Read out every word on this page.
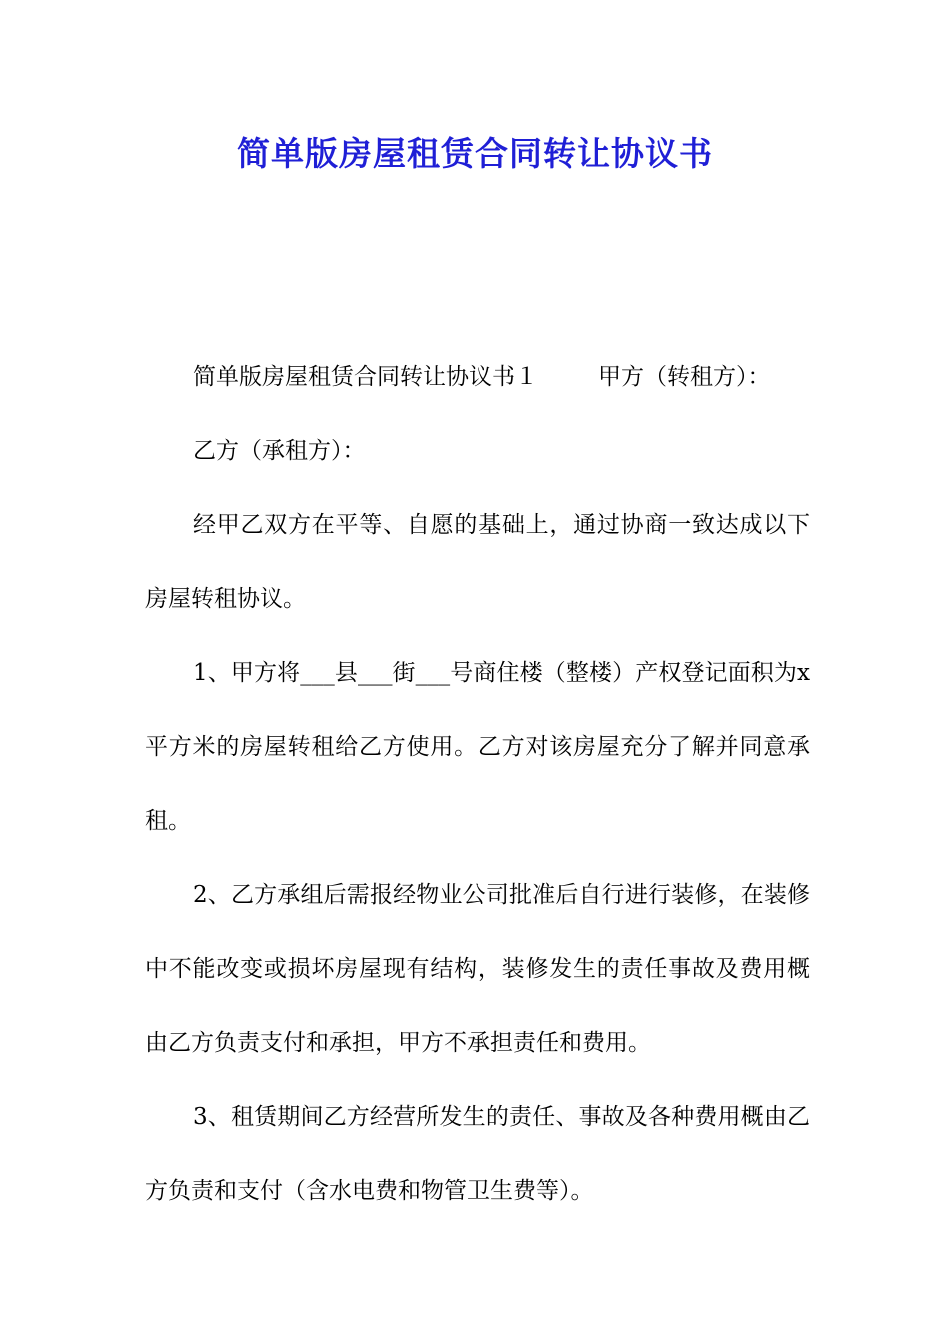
简单版房屋租赁合同转让协议书

简单版房屋租赁合同转让协议书１	甲方（转租方）：

乙方（承租方）：

经甲乙双方在平等、自愿的基础上，通过协商一致达成以下房屋转租协议。

1、甲方将___县___街___号商住楼（整楼）产权登记面积为x平方米的房屋转租给乙方使用。乙方对该房屋充分了解并同意承租。

2、乙方承组后需报经物业公司批准后自行进行装修，在装修中不能改变或损坏房屋现有结构，装修发生的责任事故及费用概由乙方负责支付和承担，甲方不承担责任和费用。

3、租赁期间乙方经营所发生的责任、事故及各种费用概由乙方负责和支付（含水电费和物管卫生费等）。
